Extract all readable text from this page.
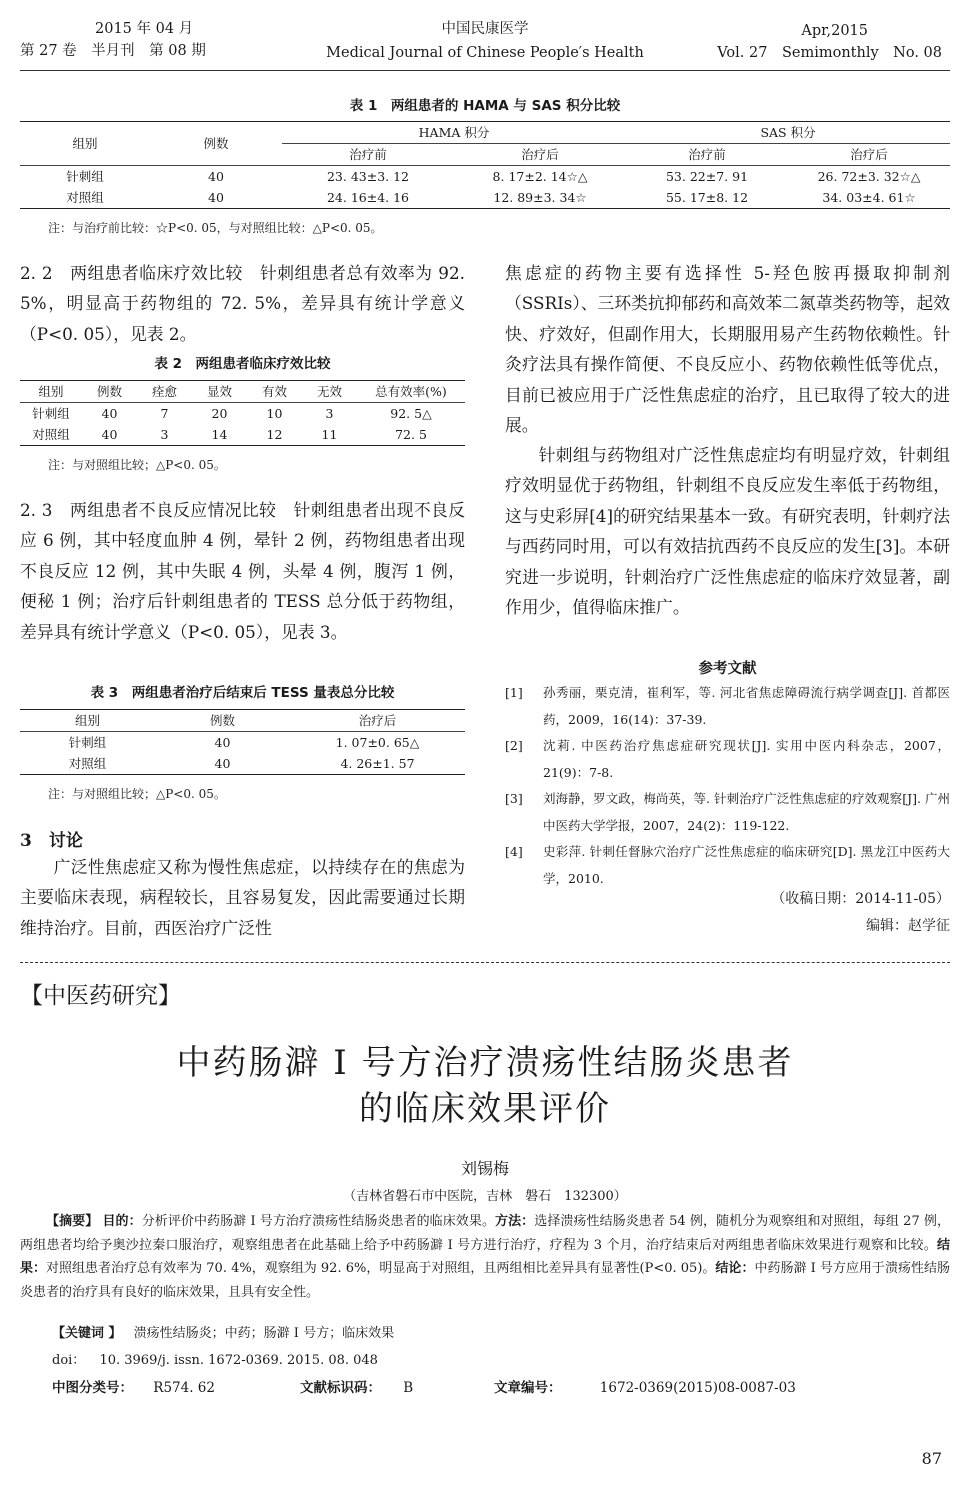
2015 年 04 月
第 27 卷　半月刊　第 08 期
中国民康医学
Medical Journal of Chinese People′s Health
Apr,2015
Vol. 27　Semimonthly　No. 08
表 1　两组患者的 HAMA 与 SAS 积分比较
组别	例数	HAMA 积分		SAS 积分	
		治疗前	治疗后	治疗前	治疗后
针刺组	40	23. 43±3. 12	8. 17±2. 14☆△	53. 22±7. 91	26. 72±3. 32☆△
对照组	40	24. 16±4. 16	12. 89±3. 34☆	55. 17±8. 12	34. 03±4. 61☆
注：与治疗前比较：☆P<0. 05，与对照组比较：△P<0. 05。

2. 2　两组患者临床疗效比较　针刺组患者总有效率为 92. 5%，明显高于药物组的 72. 5%，差异具有统计学意义（P<0. 05），见表 2。

表 2　两组患者临床疗效比较
组别	例数	痊愈	显效	有效	无效	总有效率(%)
针刺组	40	7	20	10	3	92. 5△
对照组	40	3	14	12	11	72. 5
注：与对照组比较；△P<0. 05。

2. 3　两组患者不良反应情况比较　针刺组患者出现不良反应 6 例，其中轻度血肿 4 例，晕针 2 例，药物组患者出现不良反应 12 例，其中失眠 4 例，头晕 4 例，腹泻 1 例，便秘 1 例；治疗后针刺组患者的 TESS 总分低于药物组，差异具有统计学意义（P<0. 05），见表 3。

表 3　两组患者治疗后结束后 TESS 量表总分比较
组别	例数	治疗后
针刺组	40	1. 07±0. 65△
对照组	40	4. 26±1. 57
注：与对照组比较；△P<0. 05。
3　讨论

广泛性焦虑症又称为慢性焦虑症，以持续存在的焦虑为主要临床表现，病程较长，且容易复发，因此需要通过长期维持治疗。目前，西医治疗广泛性

焦虑症的药物主要有选择性 5-羟色胺再摄取抑制剂（SSRIs）、三环类抗抑郁药和高效苯二氮䓬类药物等，起效快、疗效好，但副作用大，长期服用易产生药物依赖性。针灸疗法具有操作简便、不良反应小、药物依赖性低等优点，目前已被应用于广泛性焦虑症的治疗，且已取得了较大的进展。

针刺组与药物组对广泛性焦虑症均有明显疗效，针刺组疗效明显优于药物组，针刺组不良反应发生率低于药物组，这与史彩屏[4]的研究结果基本一致。有研究表明，针刺疗法与西药同时用，可以有效拮抗西药不良反应的发生[3]。本研究进一步说明，针刺治疗广泛性焦虑症的临床疗效显著，副作用少，值得临床推广。

参考文献
[1]	孙秀丽，栗克清，崔利军，等. 河北省焦虑障碍流行病学调查[J]. 首都医药，2009，16(14)：37-39.
[2]	沈莉. 中医药治疗焦虑症研究现状[J]. 实用中医内科杂志，2007，21(9)：7-8.
[3]	刘海静，罗文政，梅尚英，等. 针刺治疗广泛性焦虑症的疗效观察[J]. 广州中医药大学学报，2007，24(2)：119-122.
[4]	史彩萍. 针刺任督脉穴治疗广泛性焦虑症的临床研究[D]. 黑龙江中医药大学，2010.
（收稿日期：2014-11-05）
编辑：赵学征
【中医药研究】
中药肠澼 I 号方治疗溃疡性结肠炎患者
的临床效果评价
刘锡梅
（吉林省磐石市中医院，吉林　磐石　132300）
【摘要】 目的：分析评价中药肠澼 I 号方治疗溃疡性结肠炎患者的临床效果。方法：选择溃疡性结肠炎患者 54 例，随机分为观察组和对照组，每组 27 例，两组患者均给予奥沙拉秦口服治疗，观察组患者在此基础上给予中药肠澼 I 号方进行治疗，疗程为 3 个月，治疗结束后对两组患者临床效果进行观察和比较。结果：对照组患者治疗总有效率为 70. 4%，观察组为 92. 6%，明显高于对照组，且两组相比差异具有显著性(P<0. 05)。结论：中药肠澼 I 号方应用于溃疡性结肠炎患者的治疗具有良好的临床效果，且具有安全性。
【关键词 】 溃疡性结肠炎；中药；肠澼 I 号方；临床效果
doi： 10. 3969/j. issn. 1672-0369. 2015. 08. 048
中图分类号： R574. 62	文献标识码： B	文章编号：	1672-0369(2015)08-0087-03
87
